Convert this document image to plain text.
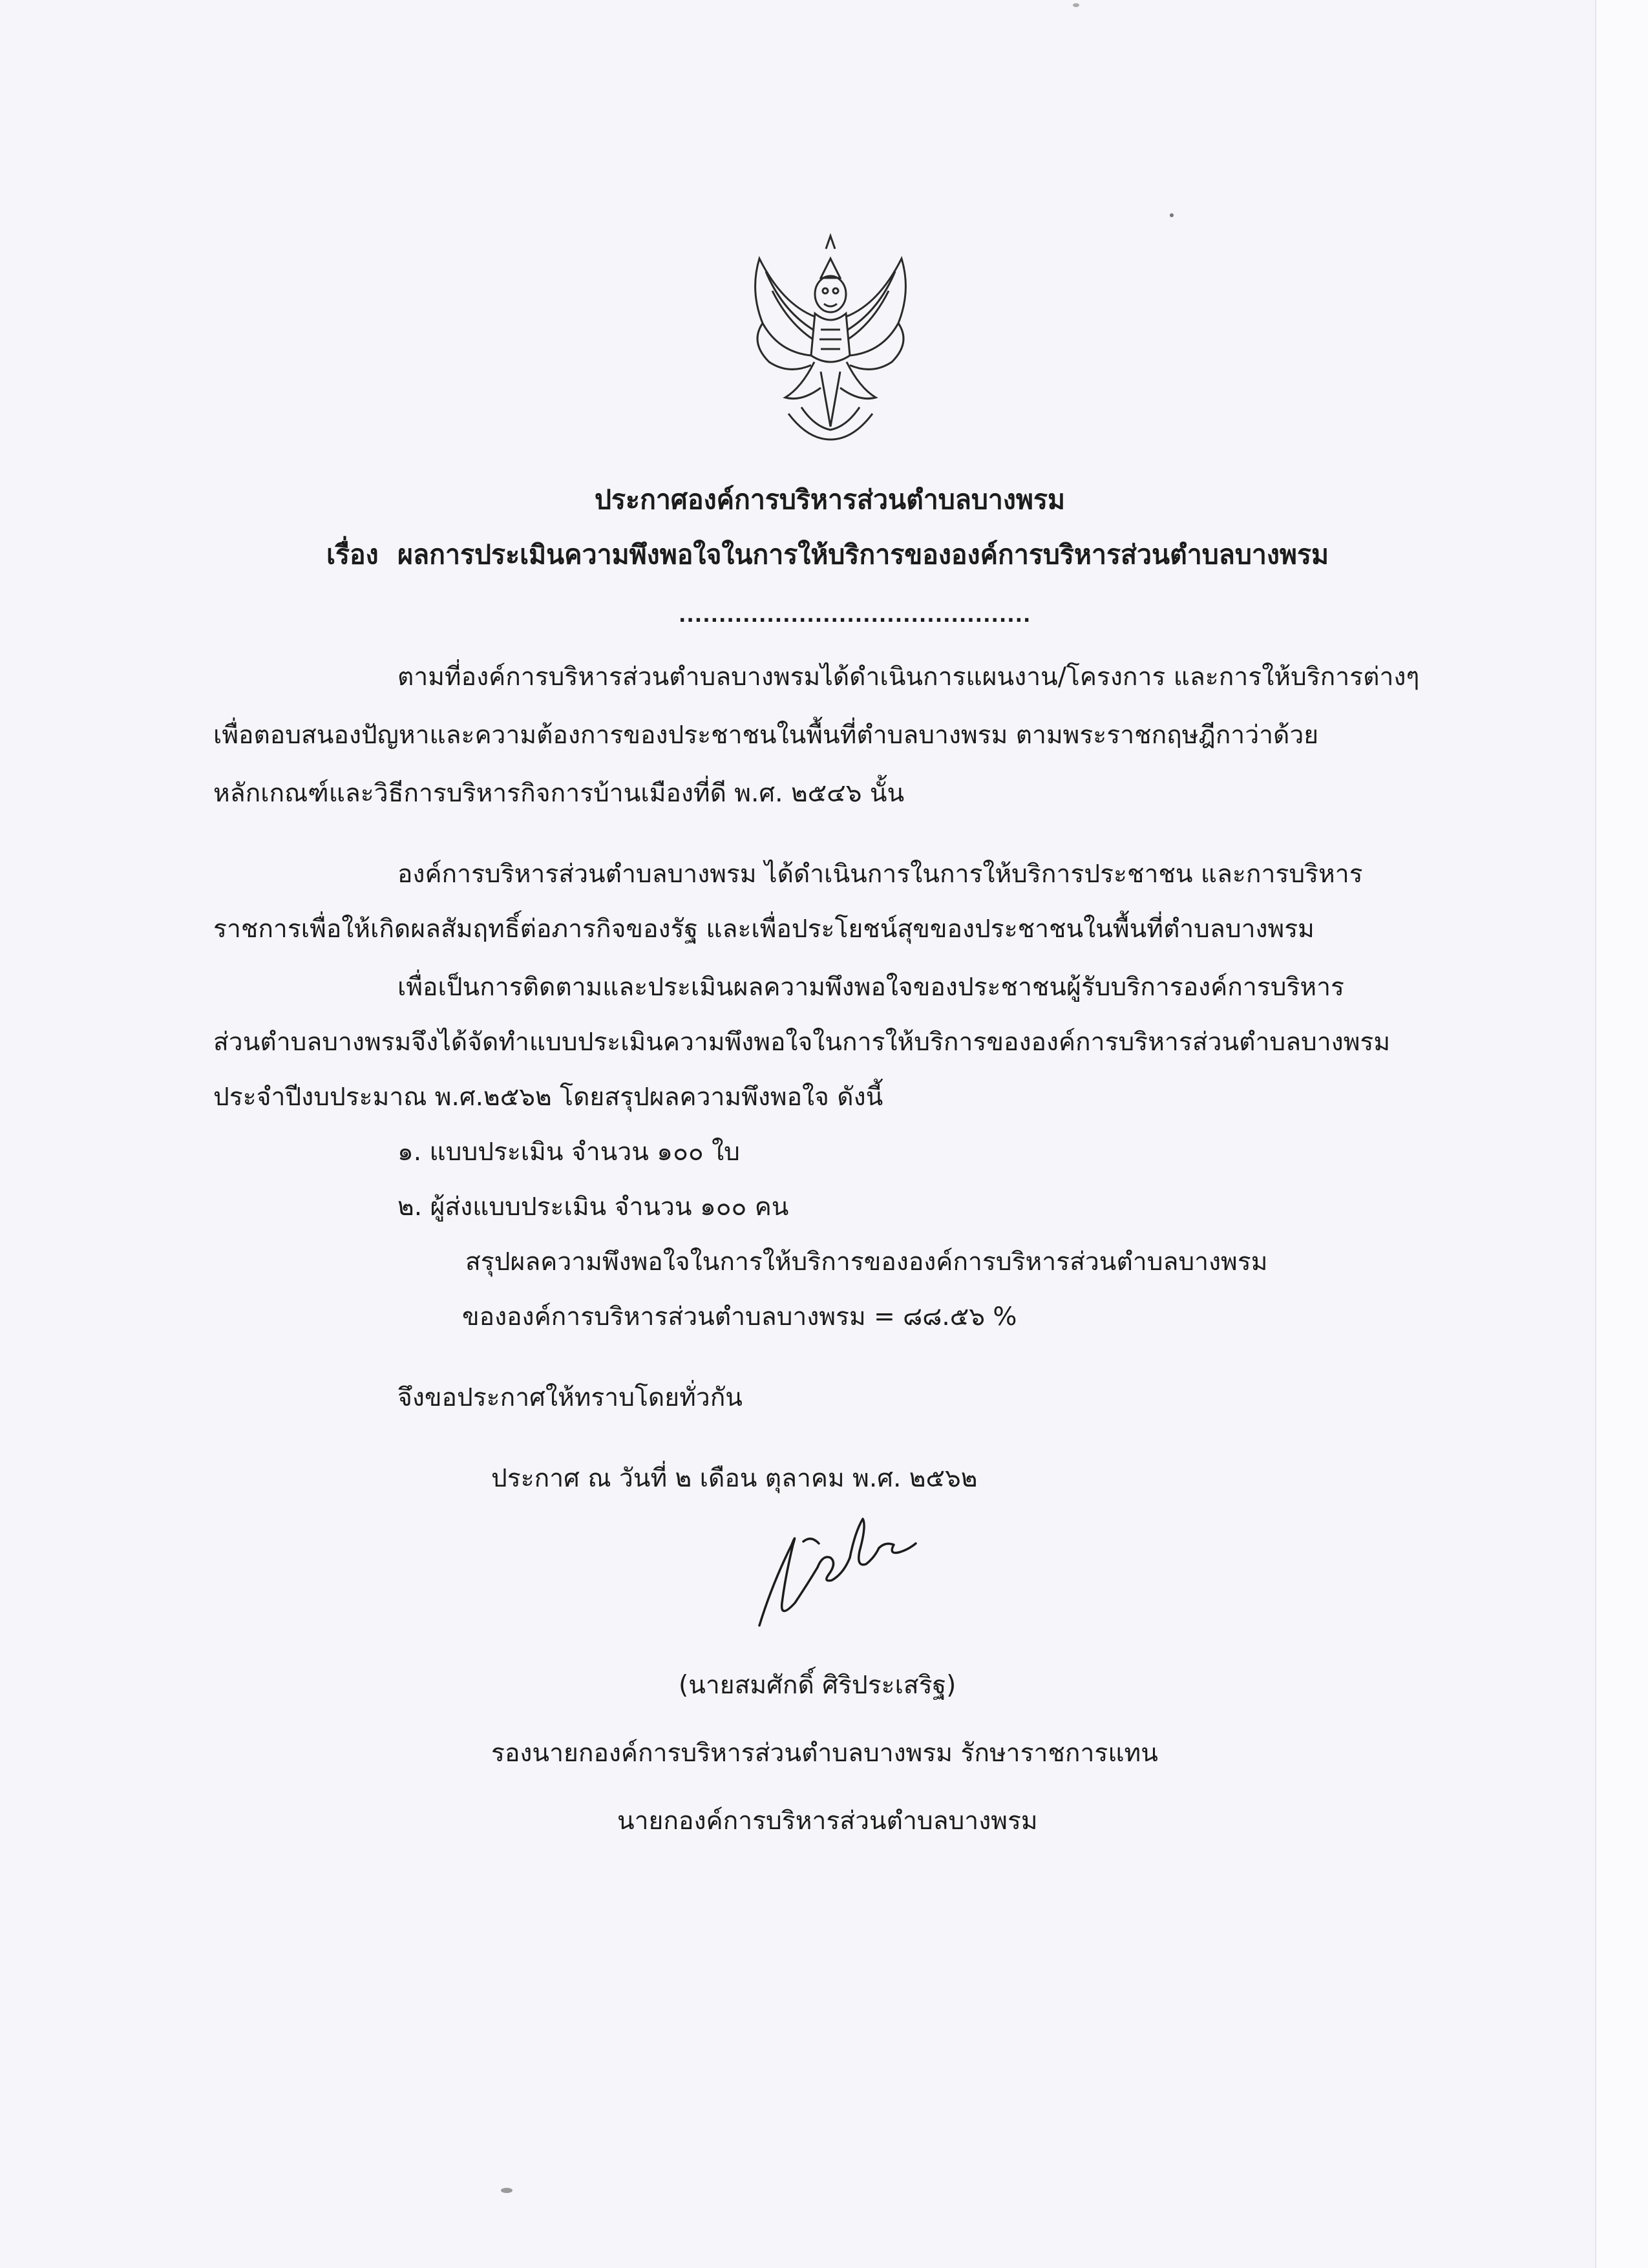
ประกาศองค์การบริหารส่วนตำบลบางพรม
เรื่อง ผลการประเมินความพึงพอใจในการให้บริการขององค์การบริหารส่วนตำบลบางพรม
............................................
ตามที่องค์การบริหารส่วนตำบลบางพรมได้ดำเนินการแผนงาน/โครงการ และการให้บริการต่างๆ
เพื่อตอบสนองปัญหาและความต้องการของประชาชนในพื้นที่ตำบลบางพรม ตามพระราชกฤษฎีกาว่าด้วย
หลักเกณฑ์และวิธีการบริหารกิจการบ้านเมืองที่ดี พ.ศ. ๒๕๔๖ นั้น
องค์การบริหารส่วนตำบลบางพรม ได้ดำเนินการในการให้บริการประชาชน และการบริหาร
ราชการเพื่อให้เกิดผลสัมฤทธิ์ต่อภารกิจของรัฐ และเพื่อประโยชน์สุขของประชาชนในพื้นที่ตำบลบางพรม
เพื่อเป็นการติดตามและประเมินผลความพึงพอใจของประชาชนผู้รับบริการองค์การบริหาร
ส่วนตำบลบางพรมจึงได้จัดทำแบบประเมินความพึงพอใจในการให้บริการขององค์การบริหารส่วนตำบลบางพรม
ประจำปีงบประมาณ พ.ศ.๒๕๖๒ โดยสรุปผลความพึงพอใจ ดังนี้
๑. แบบประเมิน จำนวน ๑๐๐ ใบ
๒. ผู้ส่งแบบประเมิน จำนวน ๑๐๐ คน
สรุปผลความพึงพอใจในการให้บริการขององค์การบริหารส่วนตำบลบางพรม
ขององค์การบริหารส่วนตำบลบางพรม = ๘๘.๕๖ %
จึงขอประกาศให้ทราบโดยทั่วกัน
ประกาศ ณ วันที่ ๒ เดือน ตุลาคม พ.ศ. ๒๕๖๒
(นายสมศักดิ์ ศิริประเสริฐ)
รองนายกองค์การบริหารส่วนตำบลบางพรม รักษาราชการแทน
นายกองค์การบริหารส่วนตำบลบางพรม
